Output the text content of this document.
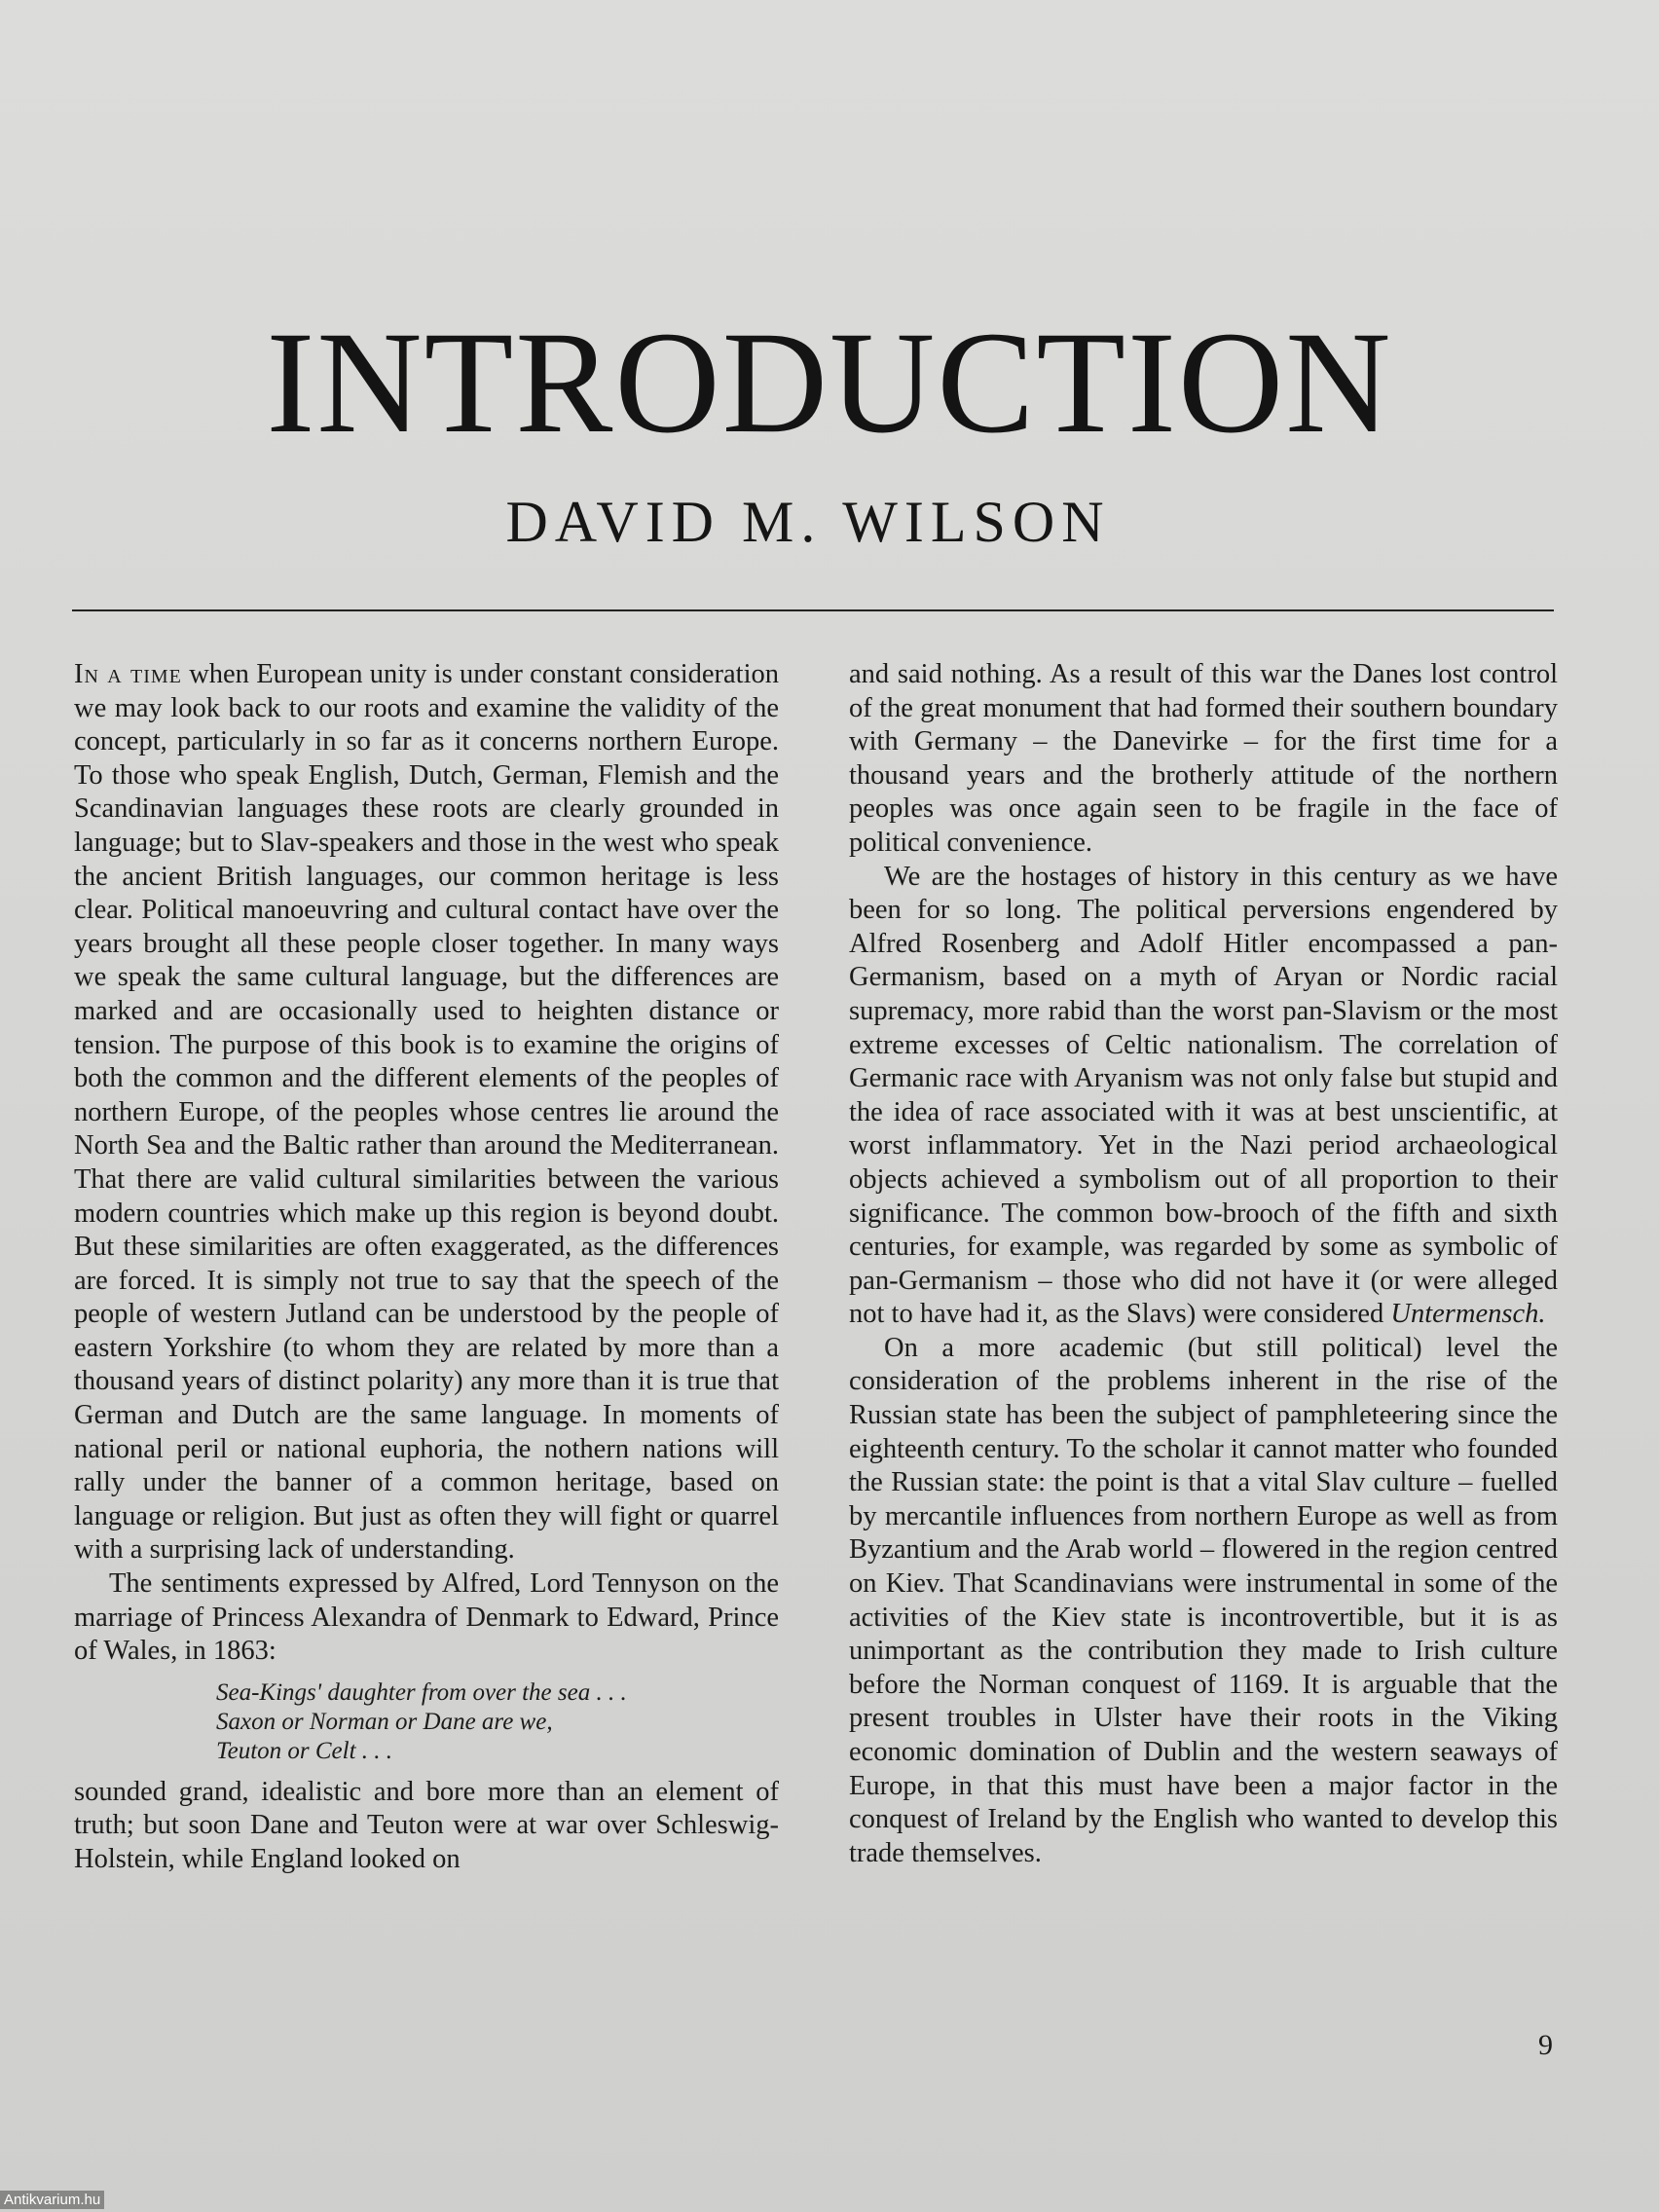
INTRODUCTION
DAVID M. WILSON

In a time when European unity is under constant consideration we may look back to our roots and examine the validity of the concept, particularly in so far as it concerns northern Europe. To those who speak English, Dutch, German, Flemish and the Scandinavian languages these roots are clearly grounded in language; but to Slav-speakers and those in the west who speak the ancient British languages, our common heritage is less clear. Political manoeuvring and cultural contact have over the years brought all these people closer together. In many ways we speak the same cultural language, but the differences are marked and are occasionally used to heighten distance or tension. The purpose of this book is to examine the origins of both the common and the different elements of the peoples of northern Europe, of the peoples whose centres lie around the North Sea and the Baltic rather than around the Mediterranean. That there are valid cultural similarities between the various modern countries which make up this region is beyond doubt. But these similarities are often exaggerated, as the differences are forced. It is simply not true to say that the speech of the people of western Jutland can be understood by the people of eastern Yorkshire (to whom they are related by more than a thousand years of distinct polarity) any more than it is true that German and Dutch are the same language. In moments of national peril or national euphoria, the nothern nations will rally under the banner of a common heritage, based on language or religion. But just as often they will fight or quarrel with a surprising lack of understanding.

The sentiments expressed by Alfred, Lord Tennyson on the marriage of Princess Alexandra of Denmark to Edward, Prince of Wales, in 1863:

Sea-Kings' daughter from over the sea . . .
Saxon or Norman or Dane are we,
Teuton or Celt . . .

sounded grand, idealistic and bore more than an element of truth; but soon Dane and Teuton were at war over Schleswig-Holstein, while England looked on

and said nothing. As a result of this war the Danes lost control of the great monument that had formed their southern boundary with Germany – the Danevirke – for the first time for a thousand years and the brotherly attitude of the northern peoples was once again seen to be fragile in the face of political convenience.

We are the hostages of history in this century as we have been for so long. The political perversions engendered by Alfred Rosenberg and Adolf Hitler encompassed a pan-Germanism, based on a myth of Aryan or Nordic racial supremacy, more rabid than the worst pan-Slavism or the most extreme excesses of Celtic nationalism. The correlation of Germanic race with Aryanism was not only false but stupid and the idea of race associated with it was at best unscientific, at worst inflammatory. Yet in the Nazi period archaeological objects achieved a symbolism out of all proportion to their significance. The common bow-brooch of the fifth and sixth centuries, for example, was regarded by some as symbolic of pan-Germanism – those who did not have it (or were alleged not to have had it, as the Slavs) were considered Untermensch.

On a more academic (but still political) level the consideration of the problems inherent in the rise of the Russian state has been the subject of pamphleteering since the eighteenth century. To the scholar it cannot matter who founded the Russian state: the point is that a vital Slav culture – fuelled by mercantile influences from northern Europe as well as from Byzantium and the Arab world – flowered in the region centred on Kiev. That Scandinavians were instrumental in some of the activities of the Kiev state is incontrovertible, but it is as unimportant as the contribution they made to Irish culture before the Norman conquest of 1169. It is arguable that the present troubles in Ulster have their roots in the Viking economic domination of Dublin and the western seaways of Europe, in that this must have been a major factor in the conquest of Ireland by the English who wanted to develop this trade themselves.

9
Antikvarium.hu
